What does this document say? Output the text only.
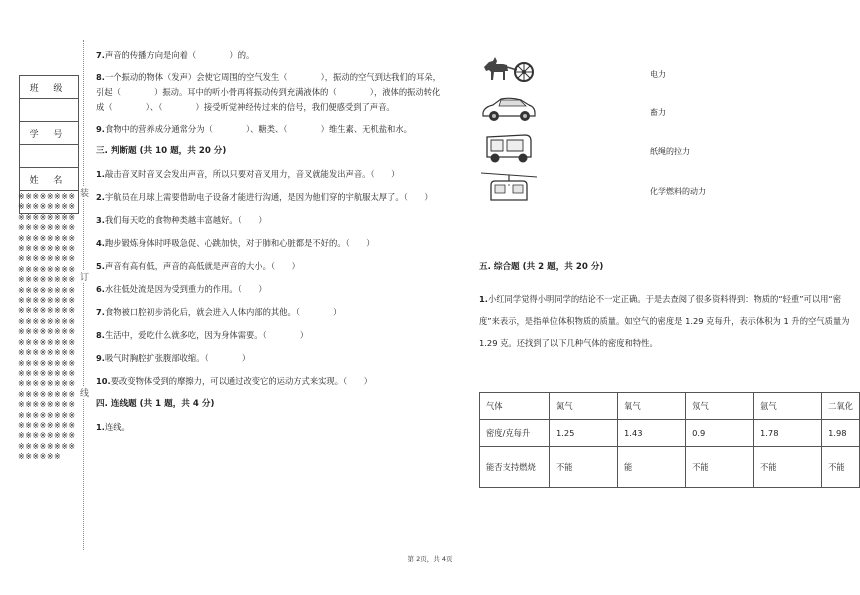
班 级

学 号

姓 名

※※※※※※※※※※※※※※※※※※※※※※※※※※※※※※※※※※※※※※※※※※※※※※※※※※※※※※※※※※※※※※※※※※※※※※※※※※※※※※※※※※※※※※※※※※※※※※※※※※※※※※※※※※※※※※※※※※※※※※※※※※※※※※※※※※※※※※※※※※※※※※※※※※※※※※※※※※※※※※※※※※※※※※※※※※※※※※※※※※※※※※※※※※※※※※※※※※※※※※※※※※※※※※
装
订
线
7.声音的传播方向是向着（　　　　）的。
8.一个振动的物体（发声）会使它周围的空气发生（　　　　），振动的空气到达我们的耳朵，引起（　　　　）振动。耳中的听小骨再将振动传到充满液体的（　　　　），液体的振动转化成（　　　　）、（　　　　）接受听觉神经传过来的信号，我们便感受到了声音。
9.食物中的营养成分通常分为（　　　　）、糖类、（　　　　）维生素、无机盐和水。
三. 判断题 (共 10 题，共 20 分)
1.敲击音叉时音叉会发出声音，所以只要对音叉用力，音叉就能发出声音。（　　）
2.宇航员在月球上需要借助电子设备才能进行沟通，是因为他们穿的宇航服太厚了。（　　）
3.我们每天吃的食物种类越丰富越好。（　　）
4.跑步锻炼身体时呼吸急促、心跳加快，对于肺和心脏都是不好的。（　　）
5.声音有高有低，声音的高低就是声音的大小。（　　）
6.水往低处流是因为受到重力的作用。（　　）
7.食物被口腔初步消化后，就会进入人体内部的其他。（　　　　）
8.生活中，爱吃什么就多吃，因为身体需要。（　　　　）
9.吸气时胸腔扩张腹部收缩。（　　　　）
10.要改变物体受到的摩擦力，可以通过改变它的运动方式来实现。（　　）
四. 连线题 (共 1 题，共 4 分)
1.连线。
电力
畜力
纸绳的拉力
化学燃料的动力
五. 综合题 (共 2 题，共 20 分)
1.小红同学觉得小明同学的结论不一定正确。于是去查阅了很多资料得到：物质的“轻重”可以用“密度”来表示，是指单位体积物质的质量。如空气的密度是 1.29 克每升，表示体积为 1 升的空气质量为 1.29 克。还找到了以下几种气体的密度和特性。
气体	氮气	氧气	氖气	氩气	二氧化
密度/克每升	1.25	1.43	0.9	1.78	1.98
能否支持燃烧	不能	能	不能	不能	不能
第 2页，共 4页
